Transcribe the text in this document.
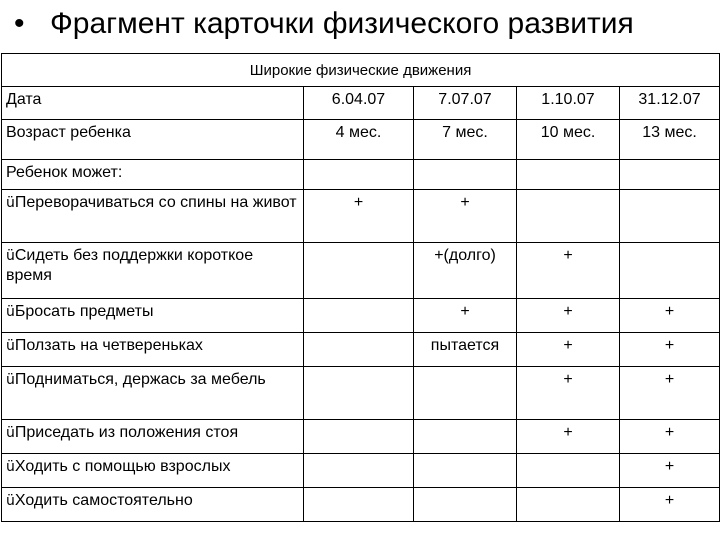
• Фрагмент карточки физического развития
Широкие физические движения				
Дата	6.04.07	7.07.07	1.10.07	31.12.07
Возраст ребенка	4 мес.	7 мес.	10 мес.	13 мес.
Ребенок может:				
üПереворачиваться со спины на живот	+	+		
üСидеть без поддержки короткое время		+(долго)	+	
üБросать предметы		+	+	+
üПолзать на четвереньках		пытается	+	+
üПодниматься, держась за мебель			+	+
üПриседать из положения стоя			+	+
üХодить с помощью взрослых				+
üХодить самостоятельно				+
